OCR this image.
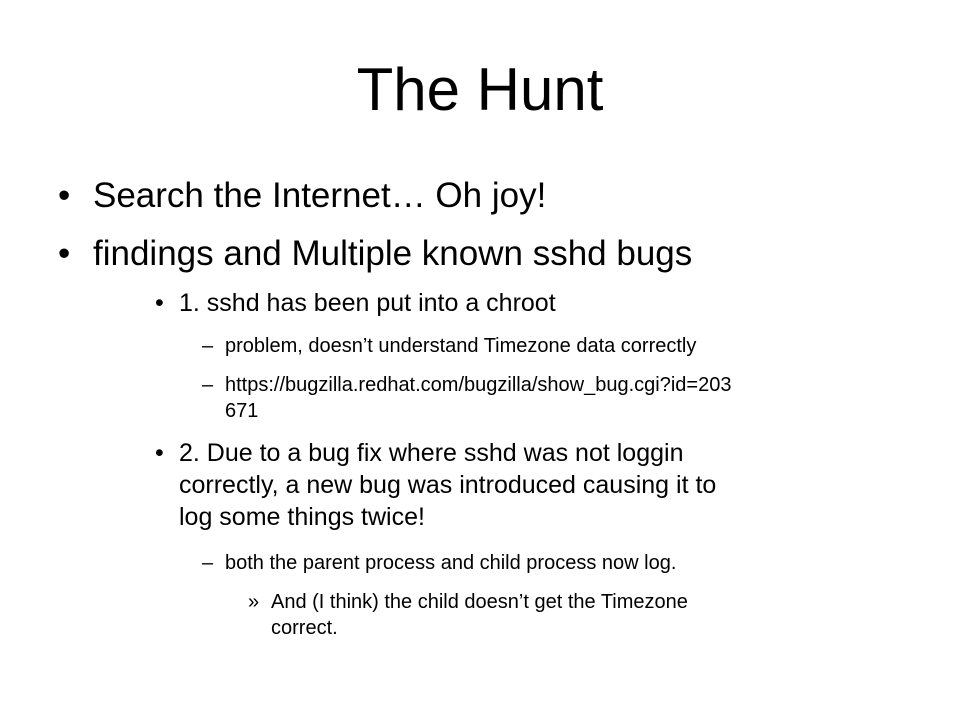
The Hunt
• Search the Internet… Oh joy!
• findings and Multiple known sshd bugs
• 1. sshd has been put into a chroot
– problem, doesn’t understand Timezone data correctly
– https://bugzilla.redhat.com/bugzilla/show_bug.cgi?id=203
671
• 2. Due to a bug fix where sshd was not loggin
correctly, a new bug was introduced causing it to
log some things twice!
– both the parent process and child process now log.
» And (I think) the child doesn’t get the Timezone
correct.
